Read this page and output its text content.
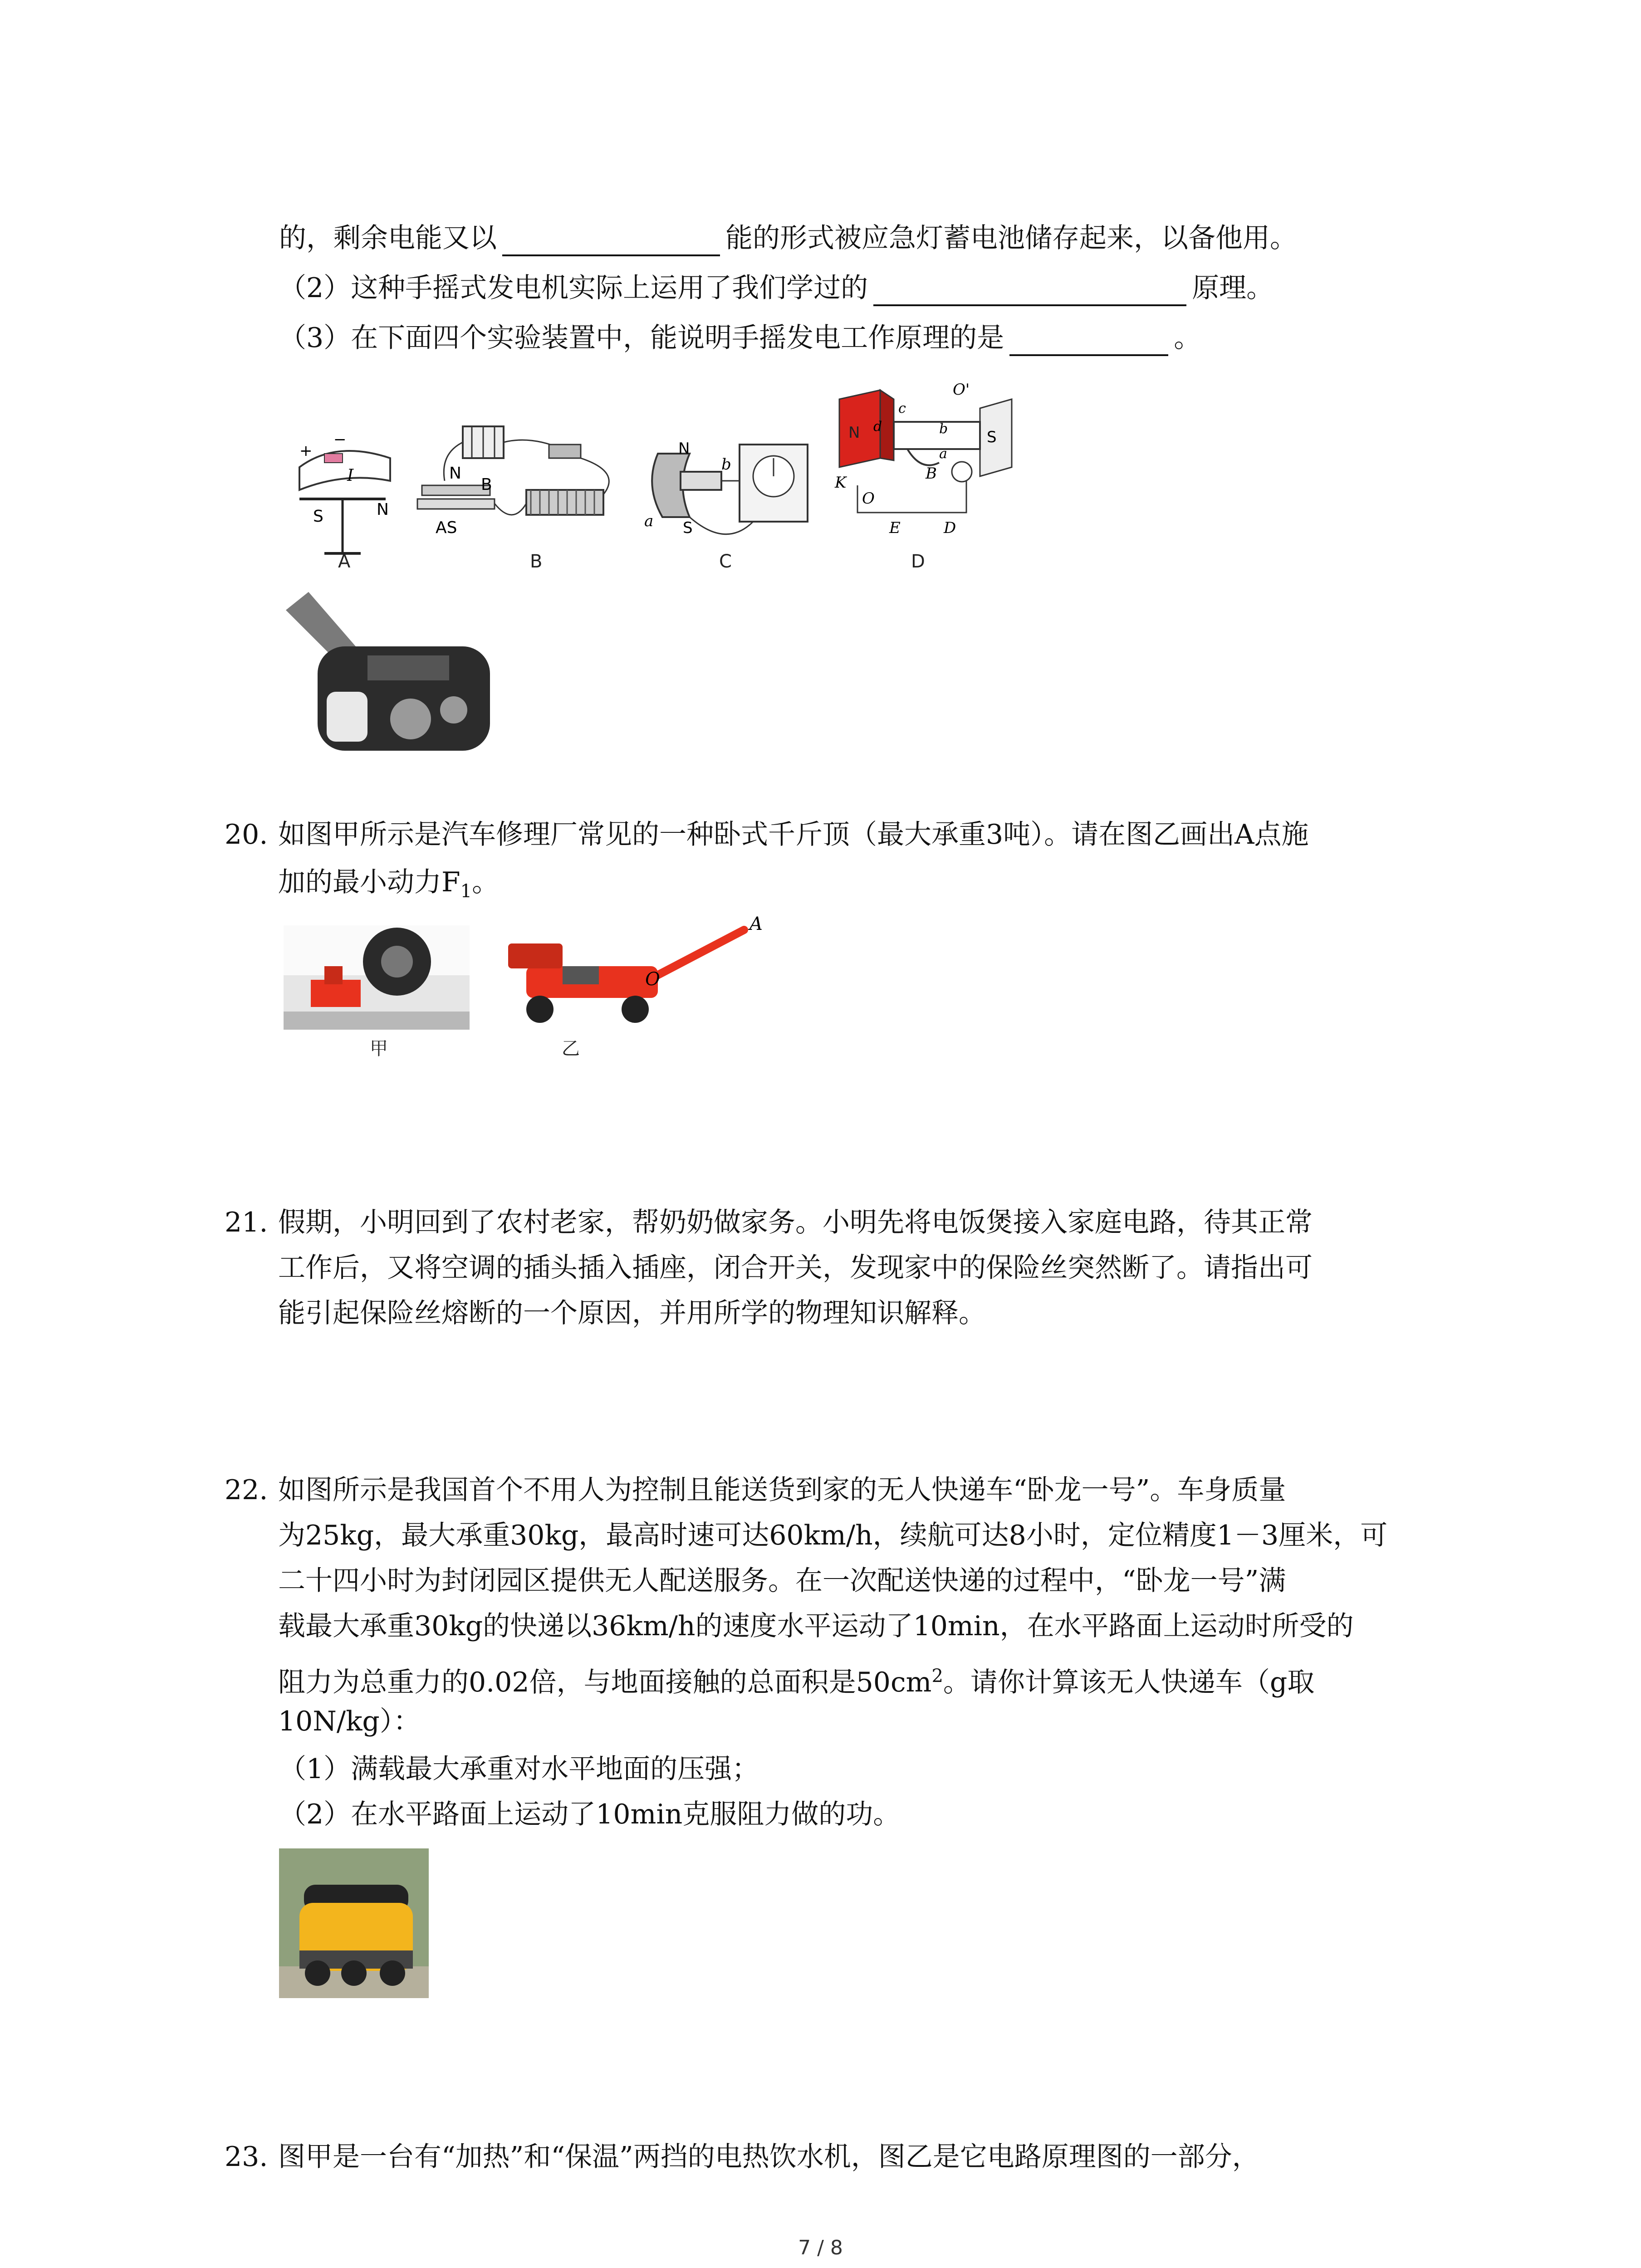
的，剩余电能又以	能的形式被应急灯蓄电池储存起来，以备他用。
（2）这种手摇式发电机实际上运用了我们学过的	原理。
（3）在下面四个实验装置中，能说明手摇发电工作原理的是	。
+
−
I
S	N
A
N
B
AS
B
N
b
a S
C
O'
c
d
N	b	S
a
K	B
O
E	D
D
20. 如图甲所示是汽车修理厂常见的一种卧式千斤顶（最大承重3吨）。请在图乙画出A点施
加的最小动力$F_1$。
甲
A
O
乙
21. 假期，小明回到了农村老家，帮奶奶做家务。小明先将电饭煲接入家庭电路，待其正常
工作后，又将空调的插头插入插座，闭合开关，发现家中的保险丝突然断了。请指出可
能引起保险丝熔断的一个原因，并用所学的物理知识解释。
22. 如图所示是我国首个不用人为控制且能送货到家的无人快递车“卧龙一号”。车身质量
为25kg，最大承重30kg，最高时速可达60km/h，续航可达8小时，定位精度1－3厘米，可
二十四小时为封闭园区提供无人配送服务。在一次配送快递的过程中，“卧龙一号”满
载最大承重30kg的快递以36km/h的速度水平运动了10min，在水平路面上运动时所受的
阻力为总重力的0.02倍，与地面接触的总面积是$50cm^2$。请你计算该无人快递车（g取
10N/kg）：
（1）满载最大承重对水平地面的压强；
（2）在水平路面上运动了10min克服阻力做的功。
23. 图甲是一台有“加热”和“保温”两挡的电热饮水机，图乙是它电路原理图的一部分，
7 / 8
